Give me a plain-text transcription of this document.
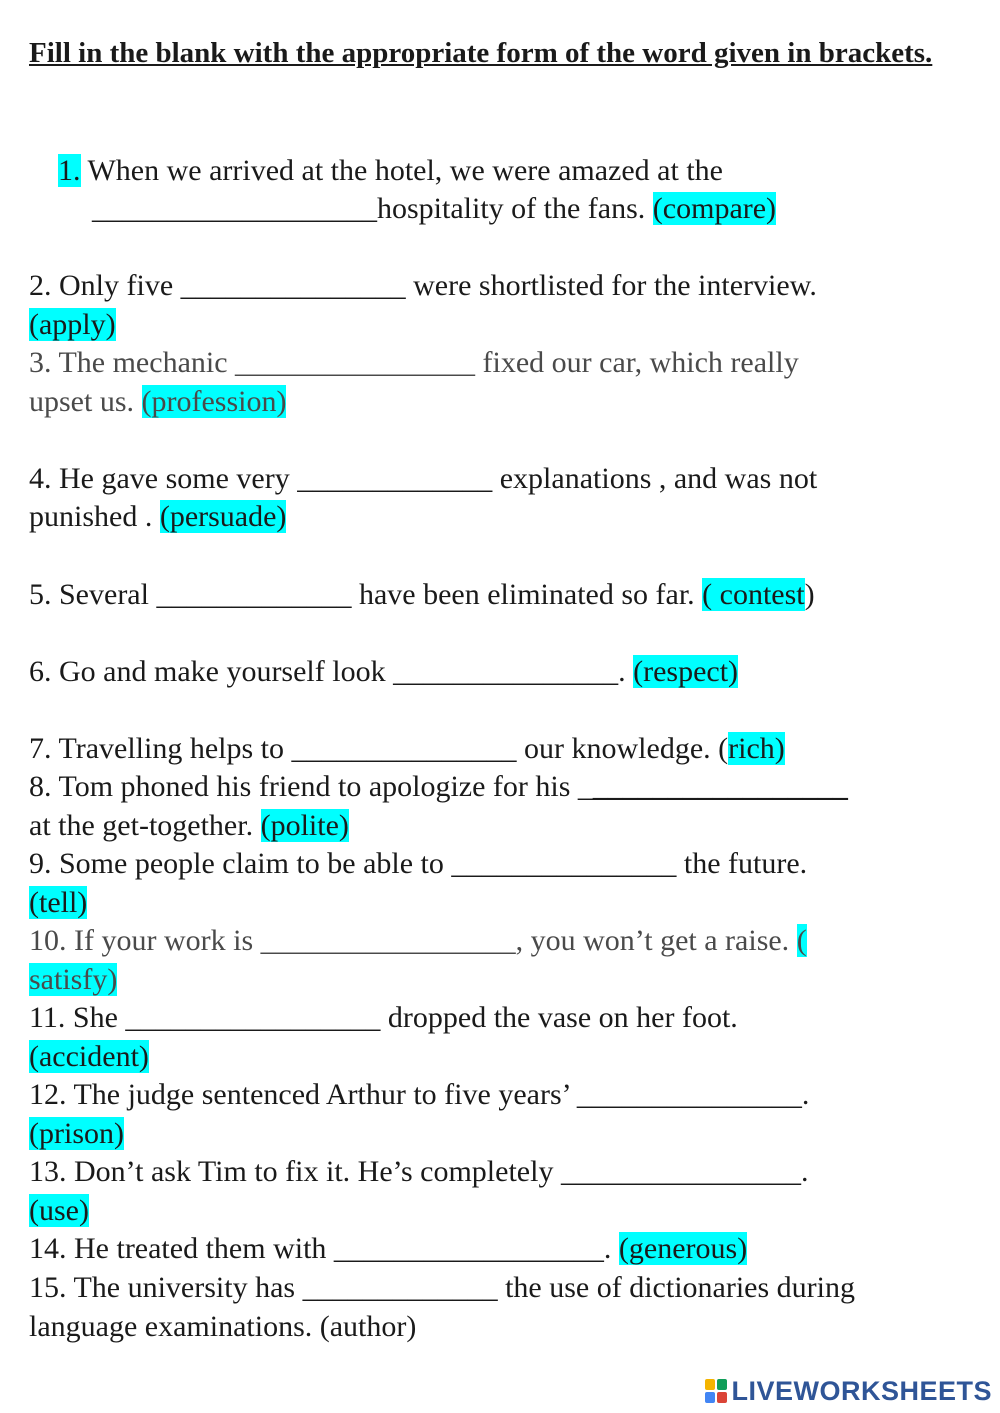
Fill in the blank with the appropriate form of the word given in brackets.
1. When we arrived at the hotel, we were amazed at the
___________________hospitality of the fans. (compare)
2. Only five _______________ were shortlisted for the interview.
(apply)
3. The mechanic ________________ fixed our car, which really
upset us. (profession)
4. He gave some very _____________ explanations , and was not
punished . (persuade)
5. Several _____________ have been eliminated so far. ( contest)
6. Go and make yourself look _______________. (respect)
7. Travelling helps to _______________ our knowledge. (rich)
8. Tom phoned his friend to apologize for his __________________
at the get-together. (polite)
9. Some people claim to be able to _______________ the future.
(tell)
10. If your work is _________________, you won’t get a raise. (
satisfy)
11. She _________________ dropped the vase on her foot.
(accident)
12. The judge sentenced Arthur to five years’ _______________.
(prison)
13. Don’t ask Tim to fix it. He’s completely ________________.
(use)
14. He treated them with __________________. (generous)
15. The university has _____________ the use of dictionaries during
language examinations. (author)
LIVEWORKSHEETS
